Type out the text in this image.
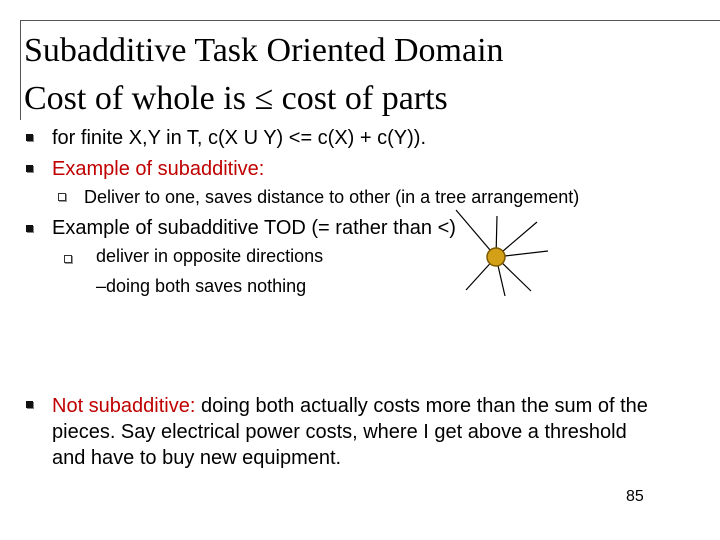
Subadditive Task Oriented Domain
Cost of whole is ≤ cost of parts
for finite X,Y in T, c(X U Y) <= c(X) + c(Y)).
Example of subadditive:
Deliver to one, saves distance to other (in a tree arrangement)
Example of subadditive TOD (= rather than <)
deliver in opposite directions
–doing both saves nothing
Not subadditive: doing both actually costs more than the sum of the
pieces. Say electrical power costs, where I get above a threshold
and have to buy new equipment.
85
